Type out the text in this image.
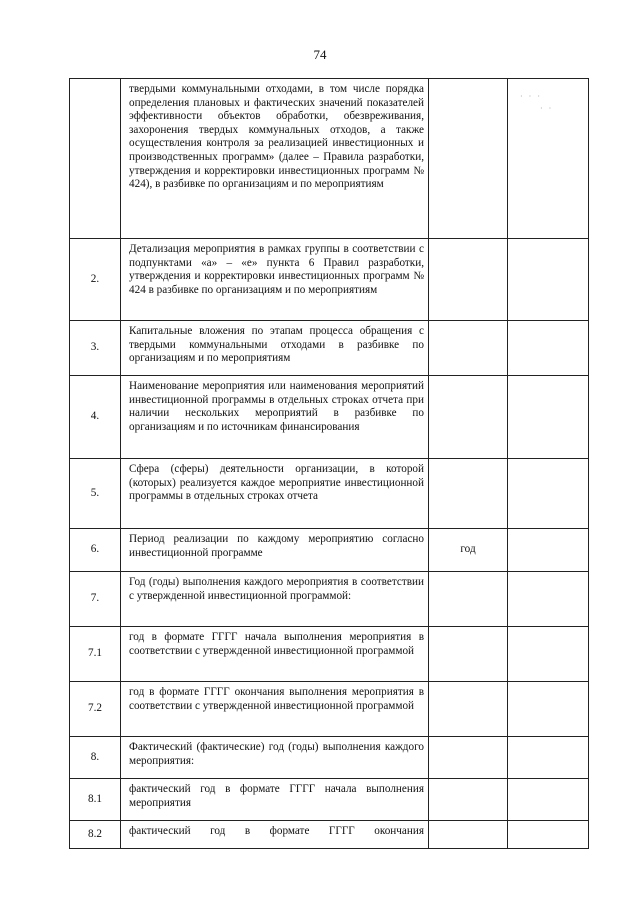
74
· · ·
· ·
	твердыми коммунальными отходами, в том числе порядка определения плановых и фактических значений показателей эффективности объектов обработки, обезвреживания, захоронения твердых коммунальных отходов, а также осуществления контроля за реализацией инвестиционных и производственных программ» (далее – Правила разработки, утверждения и корректировки инвестиционных программ № 424), в разбивке по организациям и по мероприятиям		
2.	Детализация мероприятия в рамках группы в соответствии с подпунктами «а» – «е» пункта 6 Правил разработки, утверждения и корректировки инвестиционных программ № 424 в разбивке по организациям и по мероприятиям		
3.	Капитальные вложения по этапам процесса обращения с твердыми коммунальными отходами в разбивке по организациям и по мероприятиям		
4.	Наименование мероприятия или наименования мероприятий инвестиционной программы в отдельных строках отчета при наличии нескольких мероприятий в разбивке по организациям и по источникам финансирования		
5.	Сфера (сферы) деятельности организации, в которой (которых) реализуется каждое мероприятие инвестиционной программы в отдельных строках отчета		
6.	Период реализации по каждому мероприятию согласно инвестиционной программе	год	
7.	Год (годы) выполнения каждого мероприятия в соответствии с утвержденной инвестиционной программой:		
7.1	год в формате ГГГГ начала выполнения мероприятия в соответствии с утвержденной инвестиционной программой		
7.2	год в формате ГГГГ окончания выполнения мероприятия в соответствии с утвержденной инвестиционной программой		
8.	Фактический (фактические) год (годы) выполнения каждого мероприятия:		
8.1	фактический год в формате ГГГГ начала выполнения мероприятия		
8.2	фактический год в формате ГГГГ окончания		
